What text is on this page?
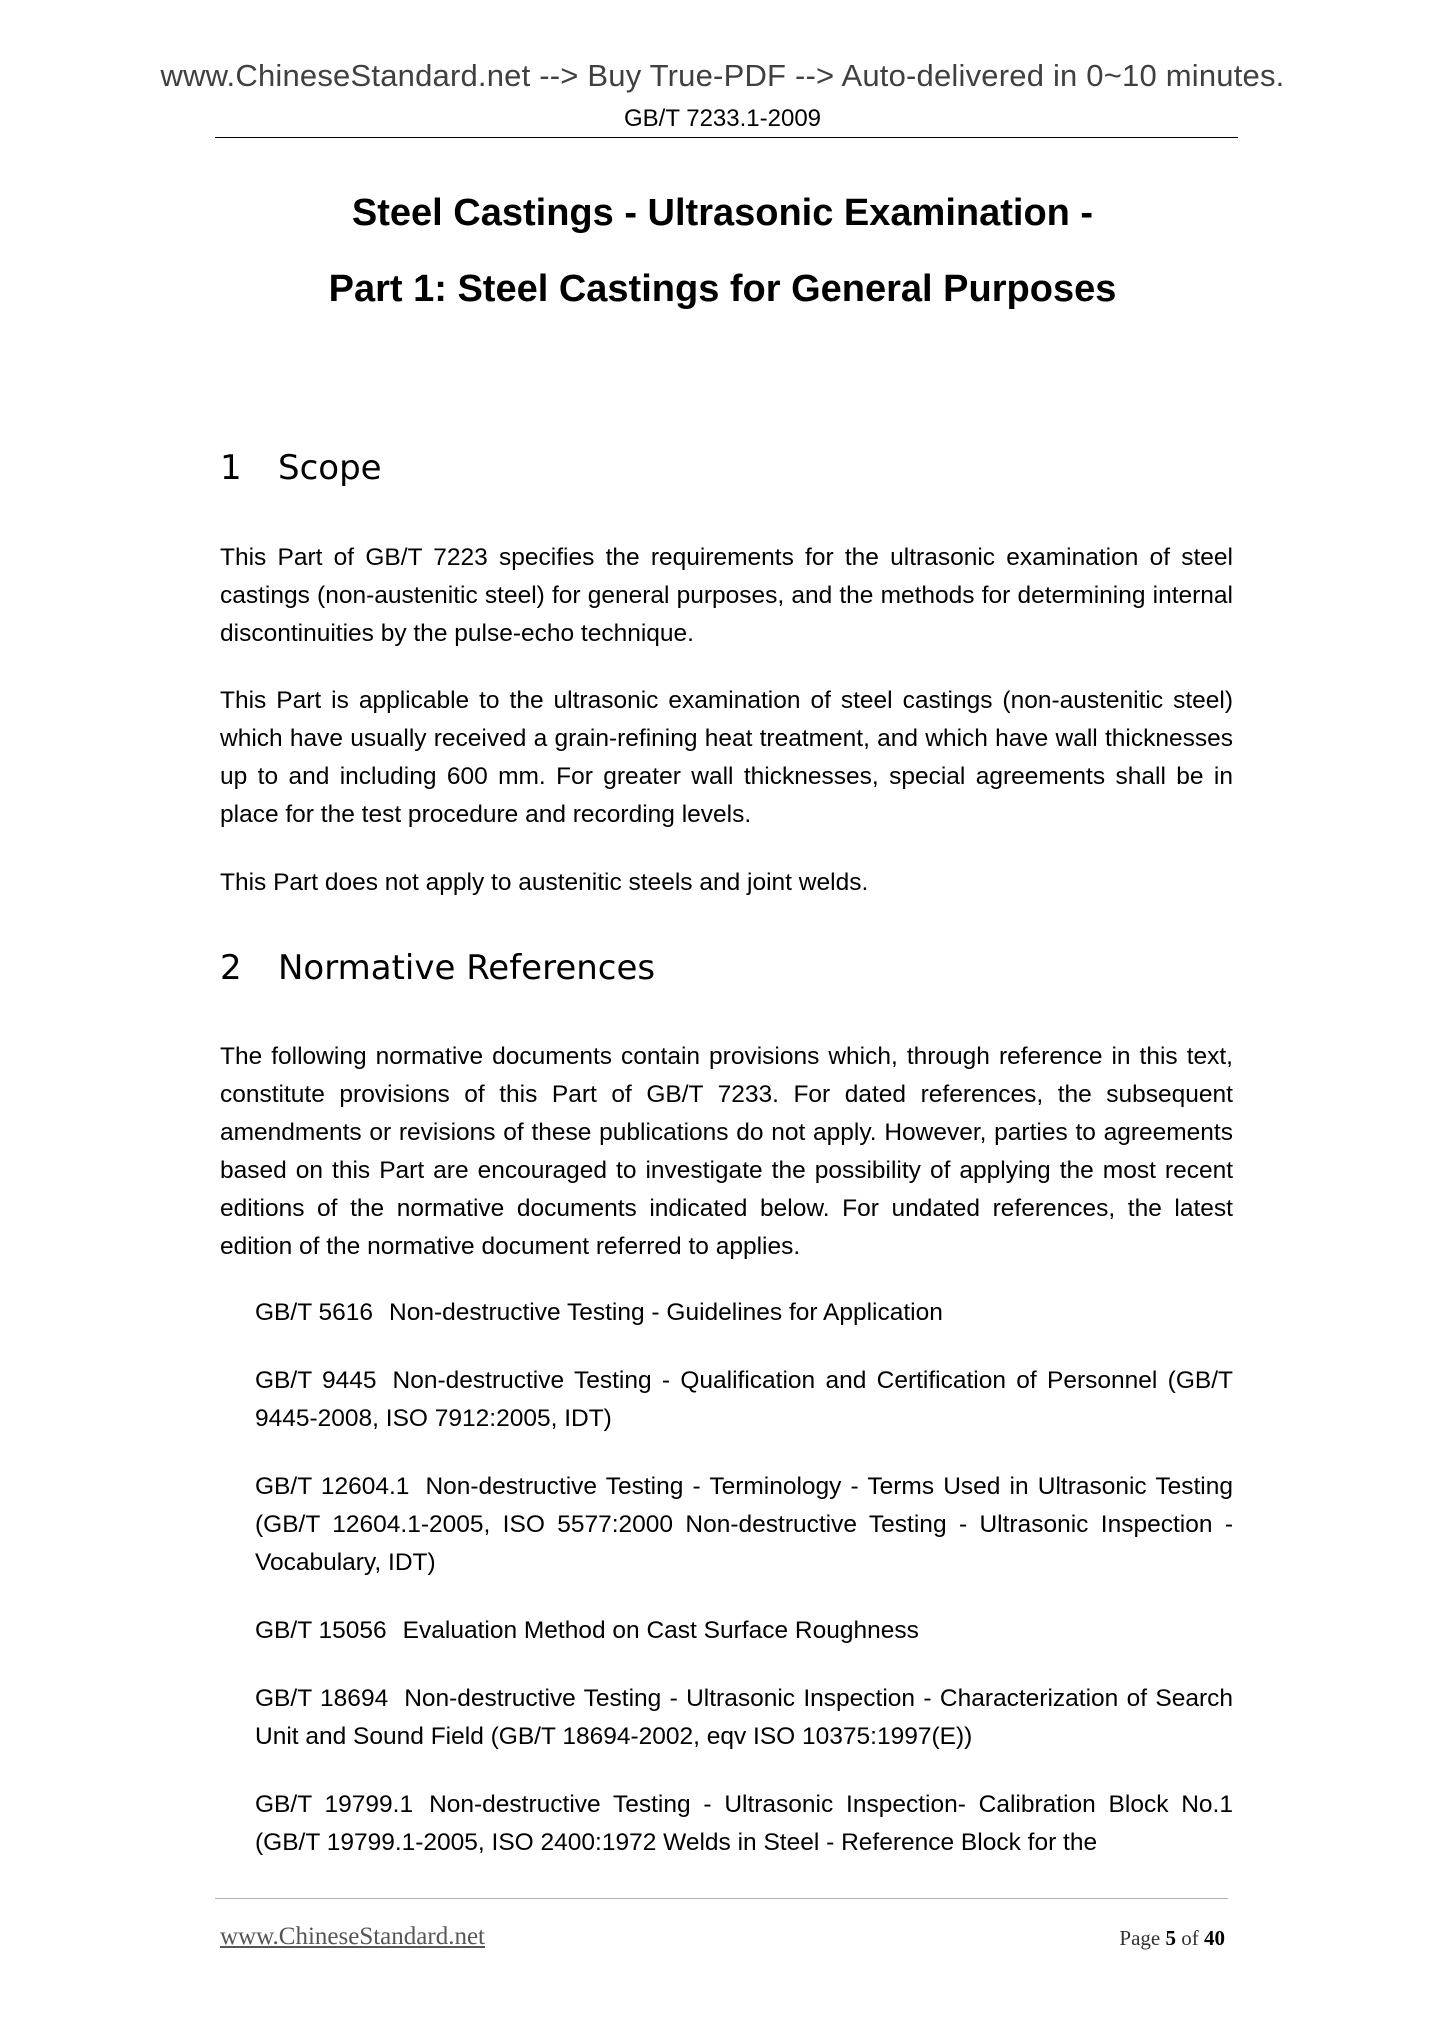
www.ChineseStandard.net --> Buy True-PDF --> Auto-delivered in 0~10 minutes.
GB/T 7233.1-2009
Steel Castings - Ultrasonic Examination -
Part 1: Steel Castings for General Purposes
1 Scope
This Part of GB/T 7223 specifies the requirements for the ultrasonic examination of steel castings (non-austenitic steel) for general purposes, and the methods for determining internal discontinuities by the pulse-echo technique.
This Part is applicable to the ultrasonic examination of steel castings (non-austenitic steel) which have usually received a grain-refining heat treatment, and which have wall thicknesses up to and including 600 mm. For greater wall thicknesses, special agreements shall be in place for the test procedure and recording levels.
This Part does not apply to austenitic steels and joint welds.
2 Normative References
The following normative documents contain provisions which, through reference in this text, constitute provisions of this Part of GB/T 7233. For dated references, the subsequent amendments or revisions of these publications do not apply. However, parties to agreements based on this Part are encouraged to investigate the possibility of applying the most recent editions of the normative documents indicated below. For undated references, the latest edition of the normative document referred to applies.
GB/T 5616 Non-destructive Testing - Guidelines for Application
GB/T 9445 Non-destructive Testing - Qualification and Certification of Personnel (GB/T 9445-2008, ISO 7912:2005, IDT)
GB/T 12604.1 Non-destructive Testing - Terminology - Terms Used in Ultrasonic Testing (GB/T 12604.1-2005, ISO 5577:2000 Non-destructive Testing - Ultrasonic Inspection - Vocabulary, IDT)
GB/T 15056 Evaluation Method on Cast Surface Roughness
GB/T 18694 Non-destructive Testing - Ultrasonic Inspection - Characterization of Search Unit and Sound Field (GB/T 18694-2002, eqv ISO 10375:1997(E))
GB/T 19799.1 Non-destructive Testing - Ultrasonic Inspection- Calibration Block No.1 (GB/T 19799.1-2005, ISO 2400:1972 Welds in Steel - Reference Block for the
www.ChineseStandard.net	Page 5 of 40
